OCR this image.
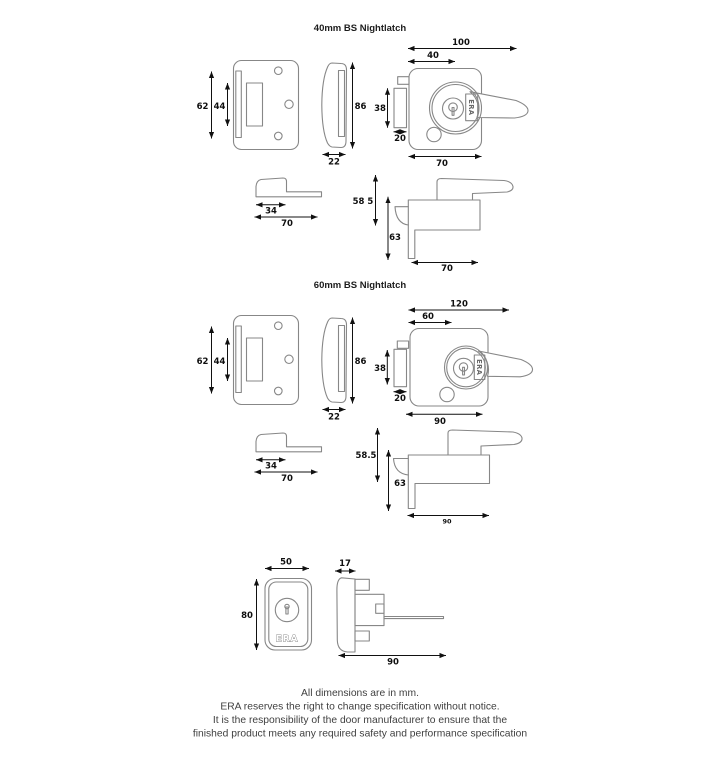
40mm BS Nightlatch
62 44	86
22
100
40
ERA
38
20
70
34
70
58 5
63
70
60mm BS Nightlatch
62 44	86
22
120
60
ERA
38
20
90
34
70
58.5
63
90
50
ERA
80
17
90
All dimensions are in mm.
ERA reserves the right to change specification without notice.
It is the responsibility of the door manufacturer to ensure that the
finished product meets any required safety and performance specification
